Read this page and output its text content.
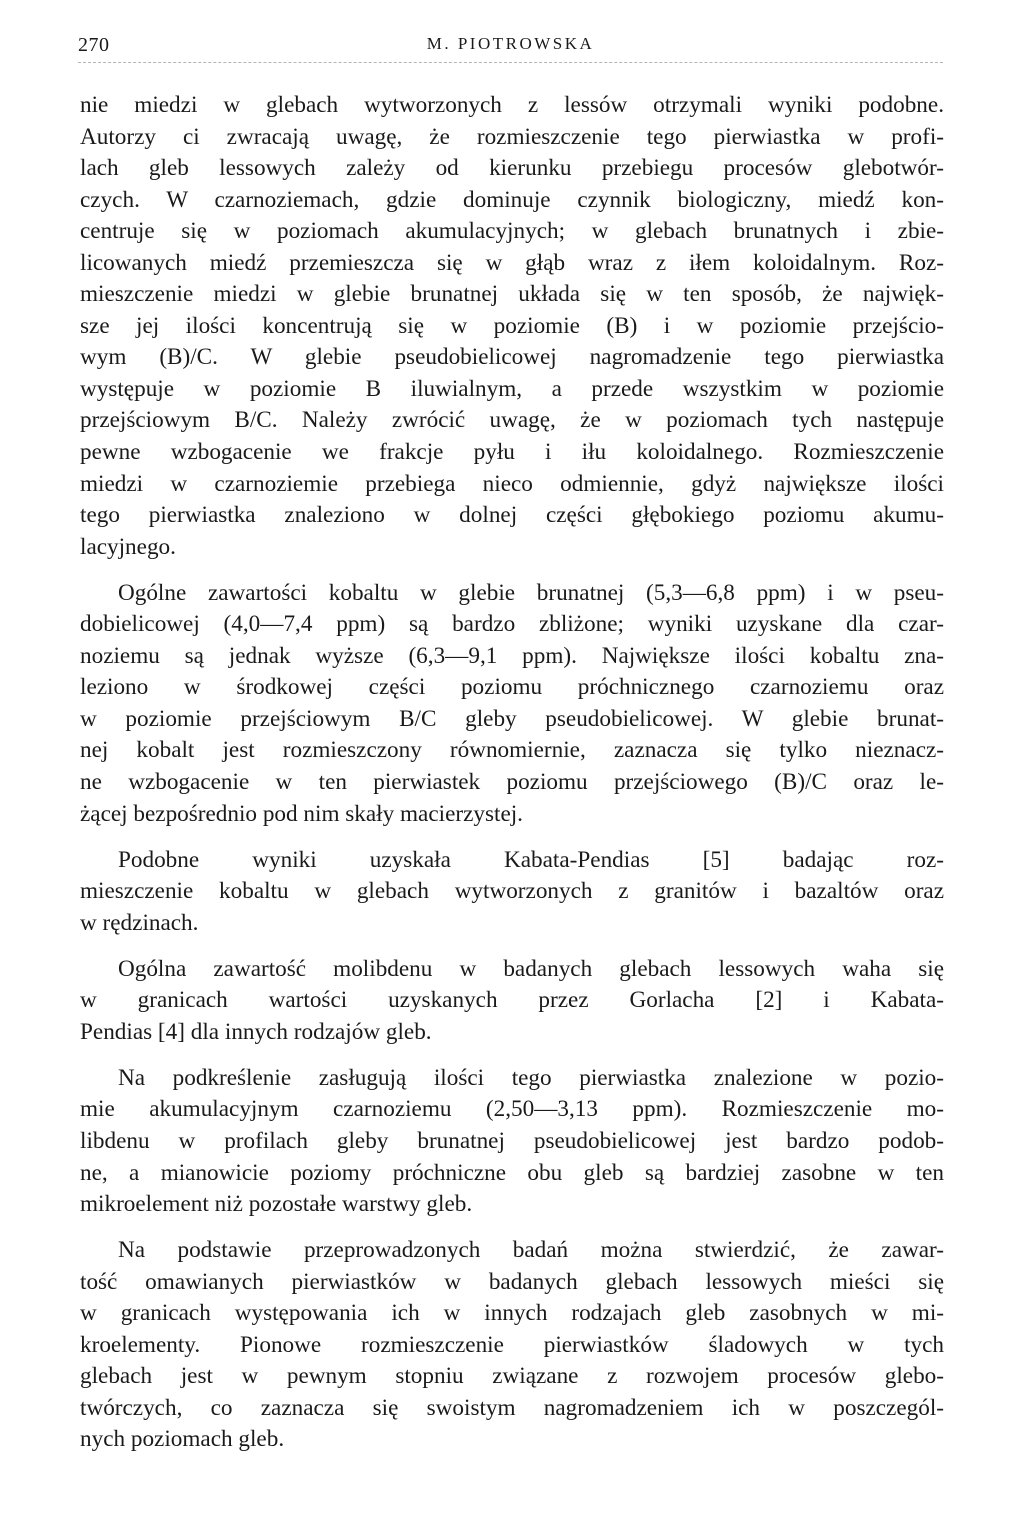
270	M. PIOTROWSKA

nie miedzi w glebach wytworzonych z lessów otrzymali wyniki podobne.
Autorzy ci zwracają uwagę, że rozmieszczenie tego pierwiastka w profi-
lach gleb lessowych zależy od kierunku przebiegu procesów glebotwór-
czych. W czarnoziemach, gdzie dominuje czynnik biologiczny, miedź kon-
centruje się w poziomach akumulacyjnych; w glebach brunatnych i zbie-
licowanych miedź przemieszcza się w głąb wraz z iłem koloidalnym. Roz-
mieszczenie miedzi w glebie brunatnej układa się w ten sposób, że najwięk-
sze jej ilości koncentrują się w poziomie (B) i w poziomie przejścio-
wym (B)/C. W glebie pseudobielicowej nagromadzenie tego pierwiastka
występuje w poziomie B iluwialnym, a przede wszystkim w poziomie
przejściowym B/C. Należy zwrócić uwagę, że w poziomach tych następuje
pewne wzbogacenie we frakcje pyłu i iłu koloidalnego. Rozmieszczenie
miedzi w czarnoziemie przebiega nieco odmiennie, gdyż największe ilości
tego pierwiastka znaleziono w dolnej części głębokiego poziomu akumu-
lacyjnego.

Ogólne zawartości kobaltu w glebie brunatnej (5,3—6,8 ppm) i w pseu-
dobielicowej (4,0—7,4 ppm) są bardzo zbliżone; wyniki uzyskane dla czar-
noziemu są jednak wyższe (6,3—9,1 ppm). Największe ilości kobaltu zna-
leziono w środkowej części poziomu próchnicznego czarnoziemu oraz
w poziomie przejściowym B/C gleby pseudobielicowej. W glebie brunat-
nej kobalt jest rozmieszczony równomiernie, zaznacza się tylko nieznacz-
ne wzbogacenie w ten pierwiastek poziomu przejściowego (B)/C oraz le-
żącej bezpośrednio pod nim skały macierzystej.

Podobne wyniki uzyskała Kabata-Pendias [5] badając roz-
mieszczenie kobaltu w glebach wytworzonych z granitów i bazaltów oraz
w rędzinach.

Ogólna zawartość molibdenu w badanych glebach lessowych waha się
w granicach wartości uzyskanych przez Gorlacha [2] i Kabata-
Pendias [4] dla innych rodzajów gleb.

Na podkreślenie zasługują ilości tego pierwiastka znalezione w pozio-
mie akumulacyjnym czarnoziemu (2,50—3,13 ppm). Rozmieszczenie mo-
libdenu w profilach gleby brunatnej pseudobielicowej jest bardzo podob-
ne, a mianowicie poziomy próchniczne obu gleb są bardziej zasobne w ten
mikroelement niż pozostałe warstwy gleb.

Na podstawie przeprowadzonych badań można stwierdzić, że zawar-
tość omawianych pierwiastków w badanych glebach lessowych mieści się
w granicach występowania ich w innych rodzajach gleb zasobnych w mi-
kroelementy. Pionowe rozmieszczenie pierwiastków śladowych w tych
glebach jest w pewnym stopniu związane z rozwojem procesów glebo-
twórczych, co zaznacza się swoistym nagromadzeniem ich w poszczegól-
nych poziomach gleb.
